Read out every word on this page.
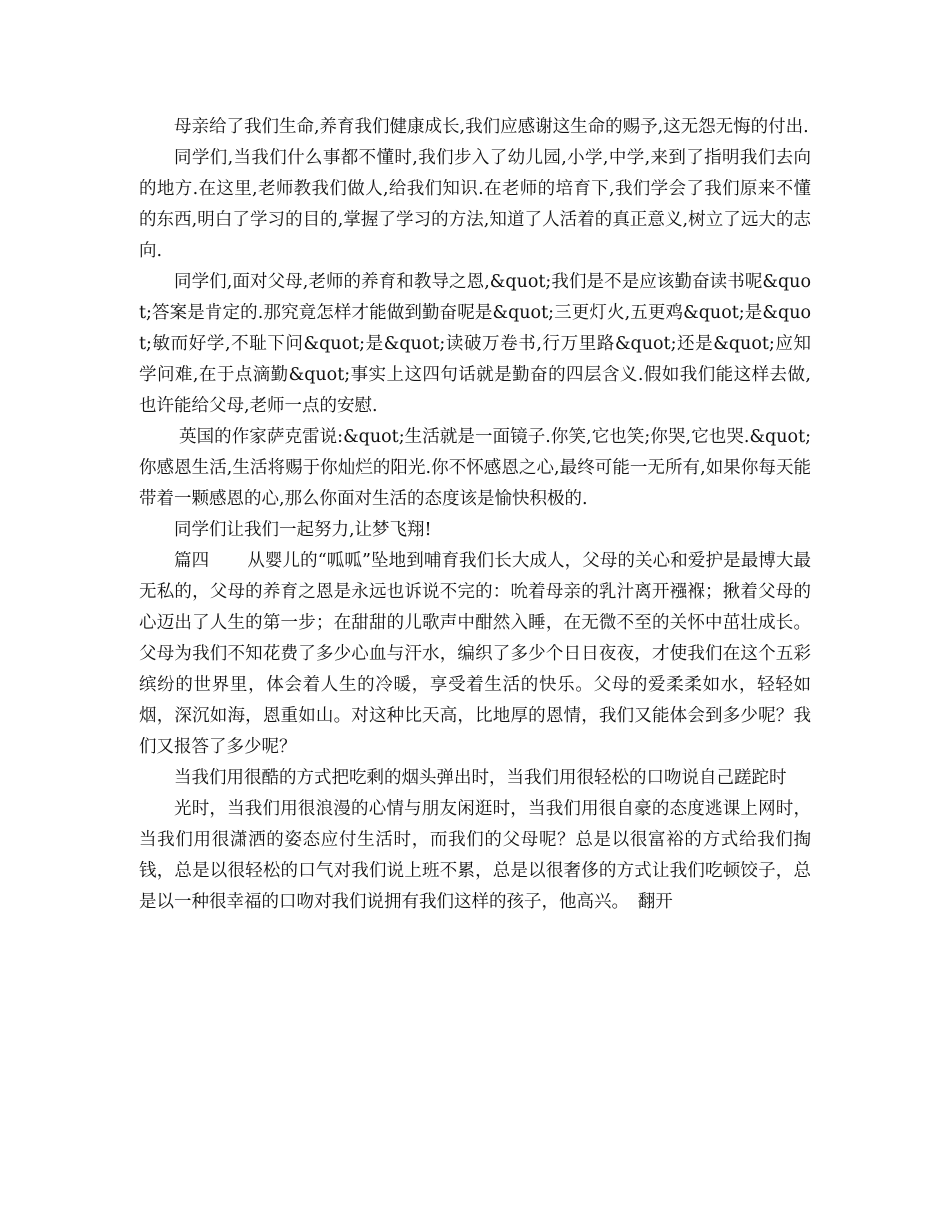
母亲给了我们生命,养育我们健康成长,我们应感谢这生命的赐予,这无怨无悔的付出.

同学们,当我们什么事都不懂时,我们步入了幼儿园,小学,中学,来到了指明我们去向的地方.在这里,老师教我们做人,给我们知识.在老师的培育下,我们学会了我们原来不懂的东西,明白了学习的目的,掌握了学习的方法,知道了人活着的真正意义,树立了远大的志向.

同学们,面对父母,老师的养育和教导之恩,&quot;我们是不是应该勤奋读书呢&quot;答案是肯定的.那究竟怎样才能做到勤奋呢是&quot;三更灯火,五更鸡&quot;是&quot;敏而好学,不耻下问&quot;是&quot;读破万卷书,行万里路&quot;还是&quot;应知学问难,在于点滴勤&quot;事实上这四句话就是勤奋的四层含义.假如我们能这样去做,也许能给父母,老师一点的安慰.

英国的作家萨克雷说:&quot;生活就是一面镜子.你笑,它也笑;你哭,它也哭.&quot;你感恩生活,生活将赐于你灿烂的阳光.你不怀感恩之心,最终可能一无所有,如果你每天能带着一颗感恩的心,那么你面对生活的态度该是愉快积极的.

同学们让我们一起努力,让梦飞翔!

篇四 从婴儿的“呱呱”坠地到哺育我们长大成人，父母的关心和爱护是最博大最无私的，父母的养育之恩是永远也诉说不完的：吮着母亲的乳汁离开襁褓；揪着父母的心迈出了人生的第一步；在甜甜的儿歌声中酣然入睡，在无微不至的关怀中茁壮成长。父母为我们不知花费了多少心血与汗水，编织了多少个日日夜夜，才使我们在这个五彩缤纷的世界里，体会着人生的冷暖，享受着生活的快乐。父母的爱柔柔如水，轻轻如烟，深沉如海，恩重如山。对这种比天高，比地厚的恩情，我们又能体会到多少呢？我们又报答了多少呢？

当我们用很酷的方式把吃剩的烟头弹出时，当我们用很轻松的口吻说自己蹉跎时

光时，当我们用很浪漫的心情与朋友闲逛时，当我们用很自豪的态度逃课上网时，当我们用很潇洒的姿态应付生活时，而我们的父母呢？总是以很富裕的方式给我们掏钱，总是以很轻松的口气对我们说上班不累，总是以很奢侈的方式让我们吃顿饺子，总是以一种很幸福的口吻对我们说拥有我们这样的孩子，他高兴。　翻开
